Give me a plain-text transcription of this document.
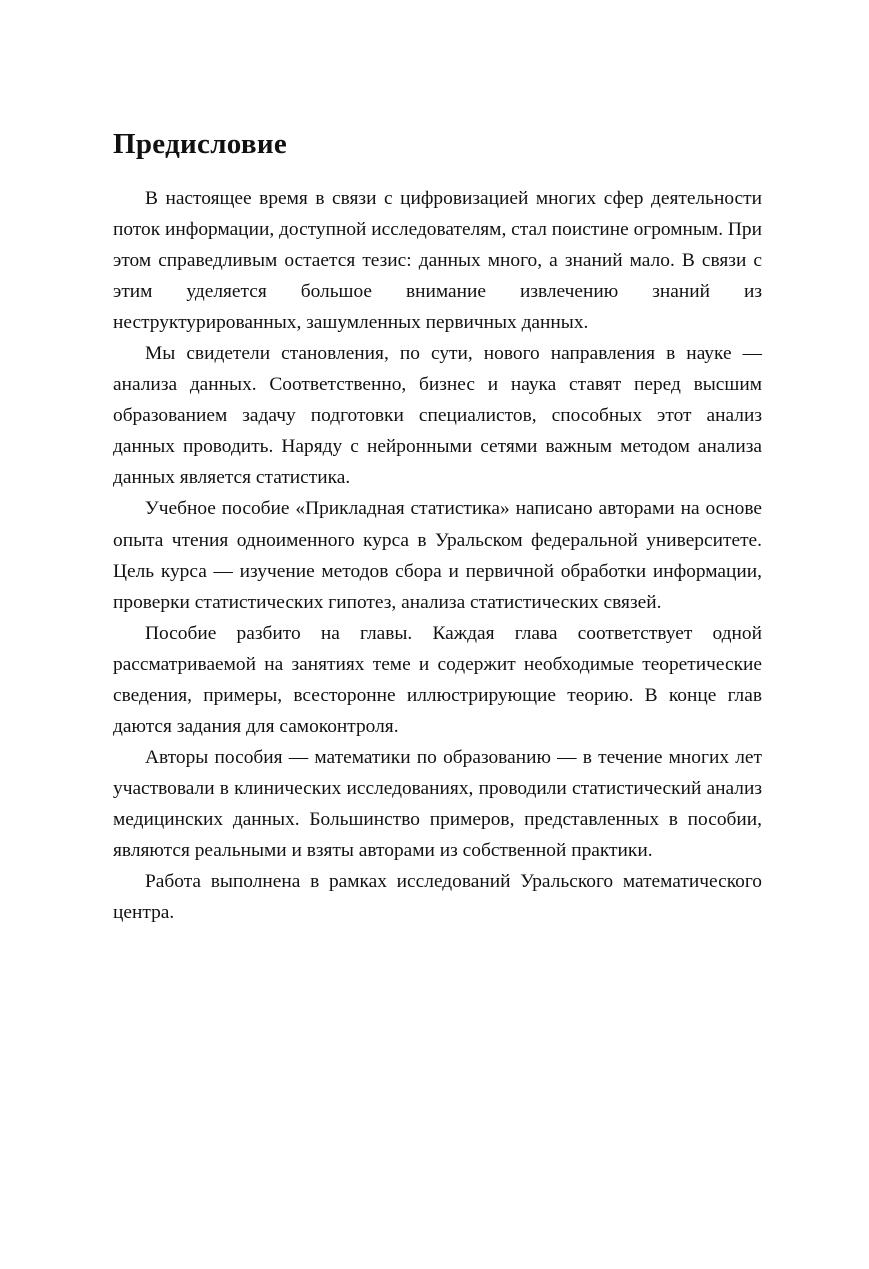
Предисловие

В настоящее время в связи с цифровизацией многих сфер деятельности поток информации, доступной исследователям, стал поистине огромным. При этом справедливым остается тезис: данных много, а знаний мало. В связи с этим уделяется большое внимание извлечению знаний из неструктурированных, зашумленных первичных данных.

Мы свидетели становления, по сути, нового направления в науке — анализа данных. Соответственно, бизнес и наука ставят перед высшим образованием задачу подготовки специалистов, способных этот анализ данных проводить. Наряду с нейронными сетями важным методом анализа данных является статистика.

Учебное пособие «Прикладная статистика» написано авторами на основе опыта чтения одноименного курса в Уральском федеральной университете. Цель курса — изучение методов сбора и первичной обработки информации, проверки статистических гипотез, анализа статистических связей.

Пособие разбито на главы. Каждая глава соответствует одной рассматриваемой на занятиях теме и содержит необходимые теоретические сведения, примеры, всесторонне иллюстрирующие теорию. В конце глав даются задания для самоконтроля.

Авторы пособия — математики по образованию — в течение многих лет участвовали в клинических исследованиях, проводили статистический анализ медицинских данных. Большинство примеров, представленных в пособии, являются реальными и взяты авторами из собственной практики.

Работа выполнена в рамках исследований Уральского математического центра.
